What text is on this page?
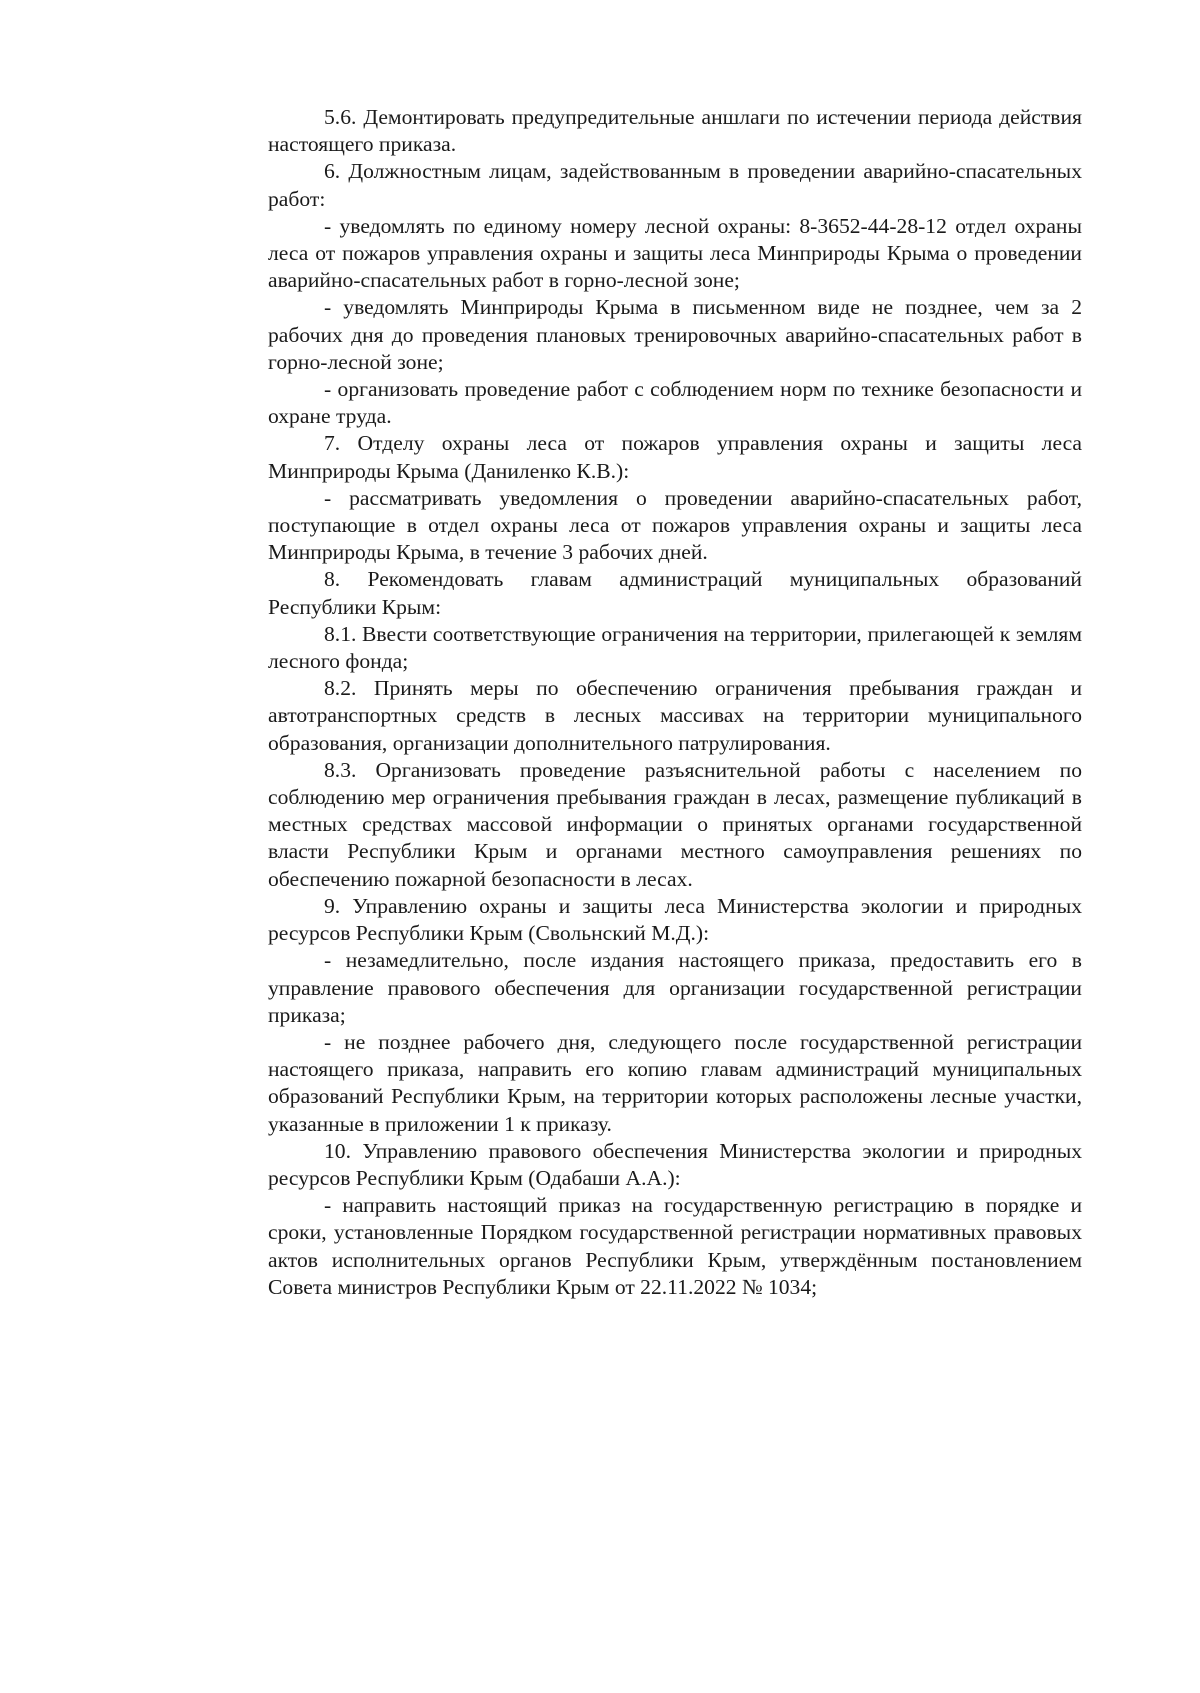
5.6. Демонтировать предупредительные аншлаги по истечении периода действия настоящего приказа.

6. Должностным лицам, задействованным в проведении аварийно-спасательных работ:

- уведомлять по единому номеру лесной охраны: 8-3652-44-28-12 отдел охраны леса от пожаров управления охраны и защиты леса Минприроды Крыма о проведении аварийно-спасательных работ в горно-лесной зоне;

- уведомлять Минприроды Крыма в письменном виде не позднее, чем за 2 рабочих дня до проведения плановых тренировочных аварийно-спасательных работ в горно-лесной зоне;

- организовать проведение работ с соблюдением норм по технике безопасности и охране труда.

7. Отделу охраны леса от пожаров управления охраны и защиты леса Минприроды Крыма (Даниленко К.В.):

- рассматривать уведомления о проведении аварийно-спасательных работ, поступающие в отдел охраны леса от пожаров управления охраны и защиты леса Минприроды Крыма, в течение 3 рабочих дней.

8. Рекомендовать главам администраций муниципальных образований Республики Крым:

8.1. Ввести соответствующие ограничения на территории, прилегающей к землям лесного фонда;

8.2. Принять меры по обеспечению ограничения пребывания граждан и автотранспортных средств в лесных массивах на территории муниципального образования, организации дополнительного патрулирования.

8.3. Организовать проведение разъяснительной работы с населением по соблюдению мер ограничения пребывания граждан в лесах, размещение публикаций в местных средствах массовой информации о принятых органами государственной власти Республики Крым и органами местного самоуправления решениях по обеспечению пожарной безопасности в лесах.

9. Управлению охраны и защиты леса Министерства экологии и природных ресурсов Республики Крым (Свольнский М.Д.):

- незамедлительно, после издания настоящего приказа, предоставить его в управление правового обеспечения для организации государственной регистрации приказа;

- не позднее рабочего дня, следующего после государственной регистрации настоящего приказа, направить его копию главам администраций муниципальных образований Республики Крым, на территории которых расположены лесные участки, указанные в приложении 1 к приказу.

10. Управлению правового обеспечения Министерства экологии и природных ресурсов Республики Крым (Одабаши А.А.):

- направить настоящий приказ на государственную регистрацию в порядке и сроки, установленные Порядком государственной регистрации нормативных правовых актов исполнительных органов Республики Крым, утверждённым постановлением Совета министров Республики Крым от 22.11.2022 № 1034;
